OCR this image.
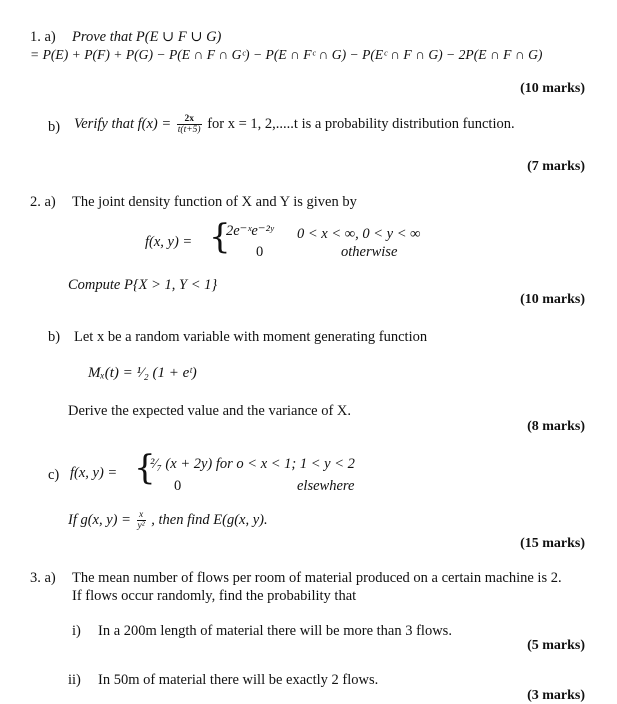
1. a) Prove that P(E ∪ F ∪ G)
= P(E) + P(F) + P(G) − P(E ∩ F ∩ Gᶜ) − P(E ∩ Fᶜ ∩ G) − P(Eᶜ ∩ F ∩ G) − 2P(E ∩ F ∩ G)
(10 marks)
b) Verify that $f(x) = \frac{2x}{t(t+5)}$ for x = 1, 2,.....t is a probability distribution function.
(7 marks)
2. a) The joint density function of X and Y is given by
f(x, y) = {
2e⁻ˣe⁻²ʸ 0 < x < ∞, 0 < y < ∞
0	otherwise
Compute P{X > 1, Y < 1}
(10 marks)
b) Let x be a random variable with moment generating function
Mₓ(t) = ¹⁄₂ (1 + eᵗ)
Derive the expected value and the variance of X.
(8 marks)
c) f(x, y) = {
²⁄₇ (x + 2y) for o < x < 1; 1 < y < 2
0	elsewhere
If g(x, $y) = \frac{x}{\text{y²}}$ , then find E(g(x, y).
(15 marks)
3. a) The mean number of flows per room of material produced on a certain machine is 2.
If flows occur randomly, find the probability that
i) In a 200m length of material there will be more than 3 flows.
(5 marks)
ii) In 50m of material there will be exactly 2 flows.
(3 marks)
